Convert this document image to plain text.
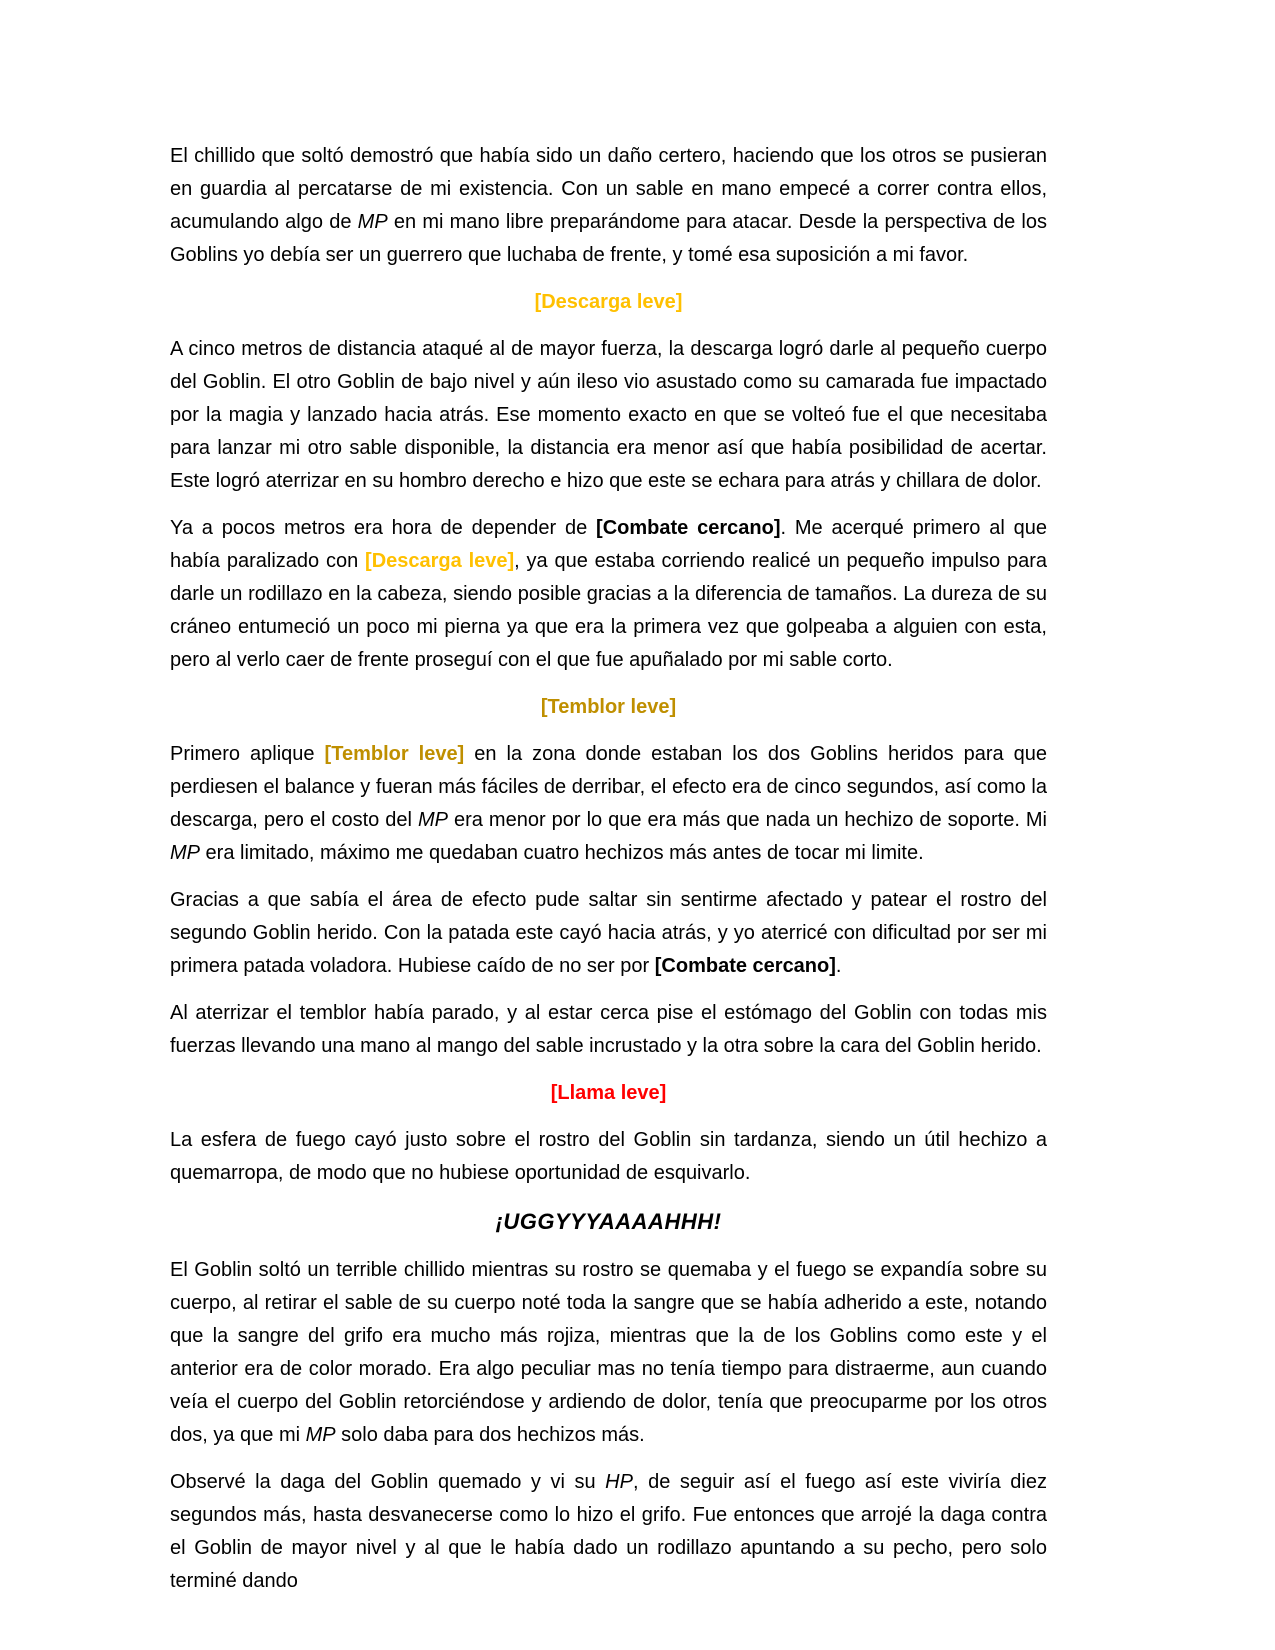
El chillido que soltó demostró que había sido un daño certero, haciendo que los otros se pusieran en guardia al percatarse de mi existencia. Con un sable en mano empecé a correr contra ellos, acumulando algo de MP en mi mano libre preparándome para atacar. Desde la perspectiva de los Goblins yo debía ser un guerrero que luchaba de frente, y tomé esa suposición a mi favor.
[Descarga leve]
A cinco metros de distancia ataqué al de mayor fuerza, la descarga logró darle al pequeño cuerpo del Goblin. El otro Goblin de bajo nivel y aún ileso vio asustado como su camarada fue impactado por la magia y lanzado hacia atrás. Ese momento exacto en que se volteó fue el que necesitaba para lanzar mi otro sable disponible, la distancia era menor así que había posibilidad de acertar. Este logró aterrizar en su hombro derecho e hizo que este se echara para atrás y chillara de dolor.
Ya a pocos metros era hora de depender de [Combate cercano]. Me acerqué primero al que había paralizado con [Descarga leve], ya que estaba corriendo realicé un pequeño impulso para darle un rodillazo en la cabeza, siendo posible gracias a la diferencia de tamaños. La dureza de su cráneo entumeció un poco mi pierna ya que era la primera vez que golpeaba a alguien con esta, pero al verlo caer de frente proseguí con el que fue apuñalado por mi sable corto.
[Temblor leve]
Primero aplique [Temblor leve] en la zona donde estaban los dos Goblins heridos para que perdiesen el balance y fueran más fáciles de derribar, el efecto era de cinco segundos, así como la descarga, pero el costo del MP era menor por lo que era más que nada un hechizo de soporte. Mi MP era limitado, máximo me quedaban cuatro hechizos más antes de tocar mi limite.
Gracias a que sabía el área de efecto pude saltar sin sentirme afectado y patear el rostro del segundo Goblin herido. Con la patada este cayó hacia atrás, y yo aterricé con dificultad por ser mi primera patada voladora. Hubiese caído de no ser por [Combate cercano].
Al aterrizar el temblor había parado, y al estar cerca pise el estómago del Goblin con todas mis fuerzas llevando una mano al mango del sable incrustado y la otra sobre la cara del Goblin herido.
[Llama leve]
La esfera de fuego cayó justo sobre el rostro del Goblin sin tardanza, siendo un útil hechizo a quemarropa, de modo que no hubiese oportunidad de esquivarlo.
¡UGGYYYAAAAHHH!
El Goblin soltó un terrible chillido mientras su rostro se quemaba y el fuego se expandía sobre su cuerpo, al retirar el sable de su cuerpo noté toda la sangre que se había adherido a este, notando que la sangre del grifo era mucho más rojiza, mientras que la de los Goblins como este y el anterior era de color morado. Era algo peculiar mas no tenía tiempo para distraerme, aun cuando veía el cuerpo del Goblin retorciéndose y ardiendo de dolor, tenía que preocuparme por los otros dos, ya que mi MP solo daba para dos hechizos más.
Observé la daga del Goblin quemado y vi su HP, de seguir así el fuego así este viviría diez segundos más, hasta desvanecerse como lo hizo el grifo. Fue entonces que arrojé la daga contra el Goblin de mayor nivel y al que le había dado un rodillazo apuntando a su pecho, pero solo terminé dando
